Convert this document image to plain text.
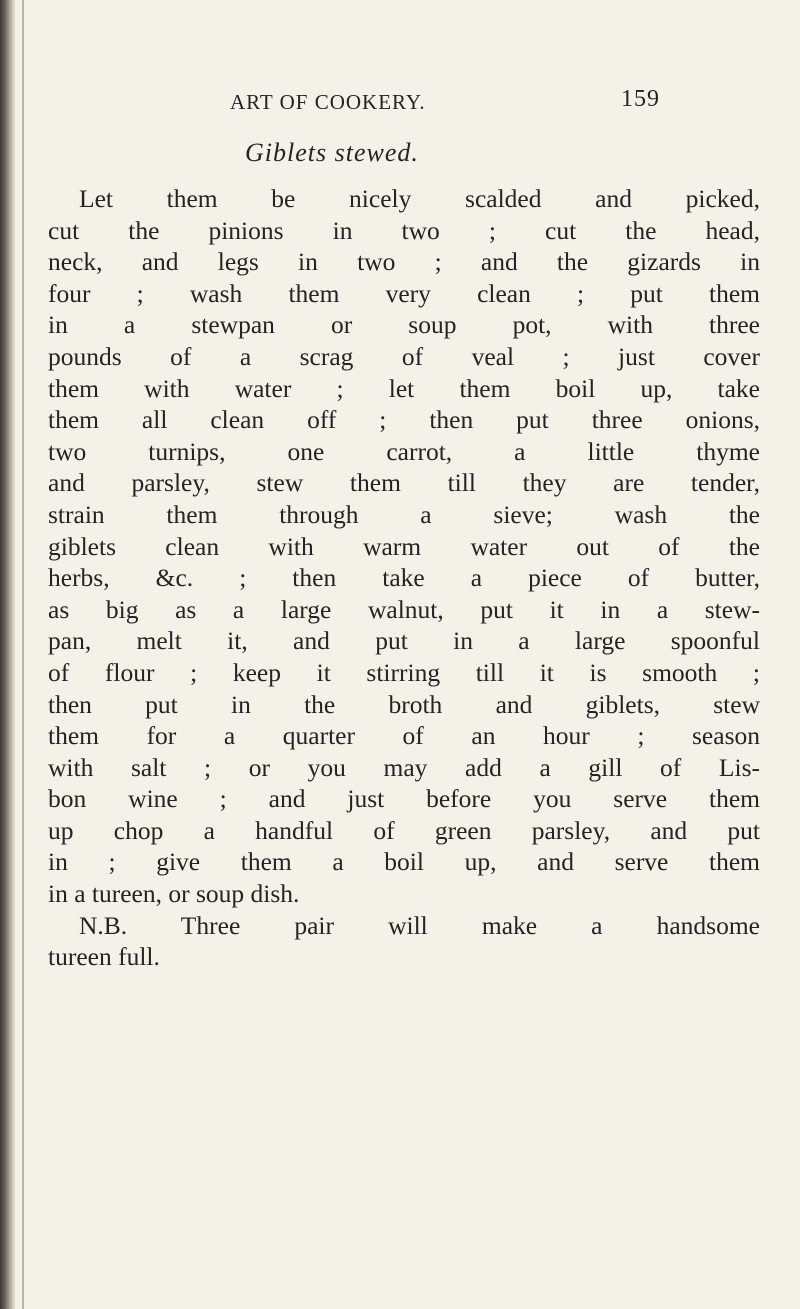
ART OF COOKERY.	159
Giblets stewed.
Let them be nicely scalded and picked,
cut the pinions in two ; cut the head,
neck, and legs in two ; and the gizards in
four ; wash them very clean ; put them
in a stewpan or soup pot, with three
pounds of a scrag of veal ; just cover
them with water ; let them boil up, take
them all clean off ; then put three onions,
two turnips, one carrot, a little thyme
and parsley, stew them till they are tender,
strain them through a sieve; wash the
giblets clean with warm water out of the
herbs, &c. ; then take a piece of butter,
as big as a large walnut, put it in a stew-
pan, melt it, and put in a large spoonful
of flour ; keep it stirring till it is smooth ;
then put in the broth and giblets, stew
them for a quarter of an hour ; season
with salt ; or you may add a gill of Lis-
bon wine ; and just before you serve them
up chop a handful of green parsley, and put
in ; give them a boil up, and serve them
in a tureen, or soup dish.
N.B. Three pair will make a handsome
tureen full.
